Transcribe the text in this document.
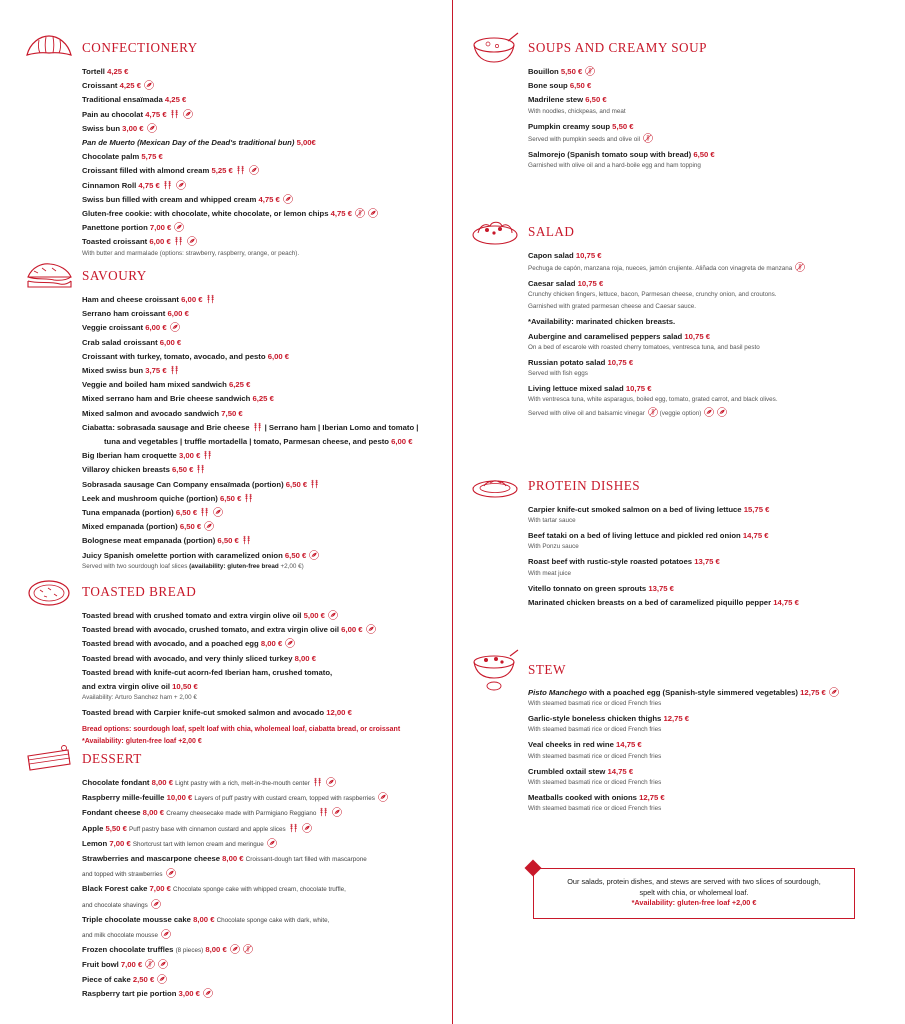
CONFECTIONERY
Tortell 4,25 €
Croissant 4,25 €
Traditional ensaïmada 4,25 €
Pain au chocolat 4,75 €
Swiss bun 3,00 €
Pan de Muerto (Mexican Day of the Dead's traditional bun) 5,00€
Chocolate palm 5,75 €
Croissant filled with almond cream 5,25 €
Cinnamon Roll 4,75 €
Swiss bun filled with cream and whipped cream 4,75 €
Gluten-free cookie: with chocolate, white chocolate, or lemon chips 4,75 €
Panettone portion 7,00 €
Toasted croissant 6,00 €
With butter and marmalade (options: strawberry, raspberry, orange, or peach).
SAVOURY
Ham and cheese croissant 6,00 €
Serrano ham croissant 6,00 €
Veggie croissant 6,00 €
Crab salad croissant 6,00 €
Croissant with turkey, tomato, avocado, and pesto 6,00 €
Mixed swiss bun 3,75 €
Veggie and boiled ham mixed sandwich 6,25 €
Mixed serrano ham and Brie cheese sandwich 6,25 €
Mixed salmon and avocado sandwich 7,50 €
Ciabatta: sobrasada sausage and Brie cheese | Serrano ham | Iberian Lomo and tomato |
tuna and vegetables | truffle mortadella | tomato, Parmesan cheese, and pesto 6,00 €
Big Iberian ham croquette 3,00 €
Villaroy chicken breasts 6,50 €
Sobrasada sausage Can Company ensaïmada (portion) 6,50 €
Leek and mushroom quiche (portion) 6,50 €
Tuna empanada (portion) 6,50 €
Mixed empanada (portion) 6,50 €
Bolognese meat empanada (portion) 6,50 €
Juicy Spanish omelette portion with caramelized onion 6,50 €
Served with two sourdough loaf slices (availability: gluten-free bread +2,00 €)
TOASTED BREAD
Toasted bread with crushed tomato and extra virgin olive oil 5,00 €
Toasted bread with avocado, crushed tomato, and extra virgin olive oil 6,00 €
Toasted bread with avocado, and a poached egg 8,00 €
Toasted bread with avocado, and very thinly sliced turkey 8,00 €
Toasted bread with knife-cut acorn-fed Iberian ham, crushed tomato,
and extra virgin olive oil 10,50 €
Availability: Arturo Sanchez ham + 2,00 €
Toasted bread with Carpier knife-cut smoked salmon and avocado 12,00 €
Bread options: sourdough loaf, spelt loaf with chia, wholemeal loaf, ciabatta bread, or croissant
*Availability: gluten-free loaf +2,00 €
DESSERT
Chocolate fondant 8,00 € Light pastry with a rich, melt-in-the-mouth center
Raspberry mille-feuille 10,00 € Layers of puff pastry with custard cream, topped with raspberries
Fondant cheese 8,00 € Creamy cheesecake made with Parmigiano Reggiano
Apple 5,50 € Puff pastry base with cinnamon custard and apple slices
Lemon 7,00 € Shortcrust tart with lemon cream and meringue
Strawberries and mascarpone cheese 8,00 € Croissant-dough tart filled with mascarpone
and topped with strawberries
Black Forest cake 7,00 € Chocolate sponge cake with whipped cream, chocolate truffle,
and chocolate shavings
Triple chocolate mousse cake 8,00 € Chocolate sponge cake with dark, white,
and milk chocolate mousse
Frozen chocolate truffles (8 pieces) 8,00 €
Fruit bowl 7,00 €
Piece of cake 2,50 €
Raspberry tart pie portion 3,00 €
SOUPS AND CREAMY SOUP
Bouillon 5,50 €
Bone soup 6,50 €
Madrilene stew 6,50 €
With noodles, chickpeas, and meat
Pumpkin creamy soup 5,50 €
Served with pumpkin seeds and olive oil
Salmorejo (Spanish tomato soup with bread) 6,50 €
Garnished with olive oil and a hard-boile egg and ham topping
SALAD
Capon salad 10,75 €
Pechuga de capón, manzana roja, nueces, jamón crujiente. Aliñada con vinagreta de manzana
Caesar salad 10,75 €
Crunchy chicken fingers, lettuce, bacon, Parmesan cheese, crunchy onion, and croutons.
Garnished with grated parmesan cheese and Caesar sauce.
*Availability: marinated chicken breasts.
Aubergine and caramelised peppers salad 10,75 €
On a bed of escarole with roasted cherry tomatoes, ventresca tuna, and basil pesto
Russian potato salad 10,75 €
Served with fish eggs
Living lettuce mixed salad 10,75 €
With ventresca tuna, white asparagus, boiled egg, tomato, grated carrot, and black olives.
Served with olive oil and balsamic vinegar (veggie option)
PROTEIN DISHES
Carpier knife-cut smoked salmon on a bed of living lettuce 15,75 €
With tartar sauce
Beef tataki on a bed of living lettuce and pickled red onion 14,75 €
With Ponzu sauce
Roast beef with rustic-style roasted potatoes 13,75 €
With meat juice
Vitello tonnato on green sprouts 13,75 €
Marinated chicken breasts on a bed of caramelized piquillo pepper 14,75 €
STEW
Pisto Manchego with a poached egg (Spanish-style simmered vegetables) 12,75 €
With steamed basmati rice or diced French fries
Garlic-style boneless chicken thighs 12,75 €
With steamed basmati rice or diced French fries
Veal cheeks in red wine 14,75 €
With steamed basmati rice or diced French fries
Crumbled oxtail stew 14,75 €
With steamed basmati rice or diced French fries
Meatballs cooked with onions 12,75 €
With steamed basmati rice or diced French fries
Our salads, protein dishes, and stews are served with two slices of sourdough,
spelt with chia, or wholemeal loaf.
*Availability: gluten-free loaf +2,00 €
